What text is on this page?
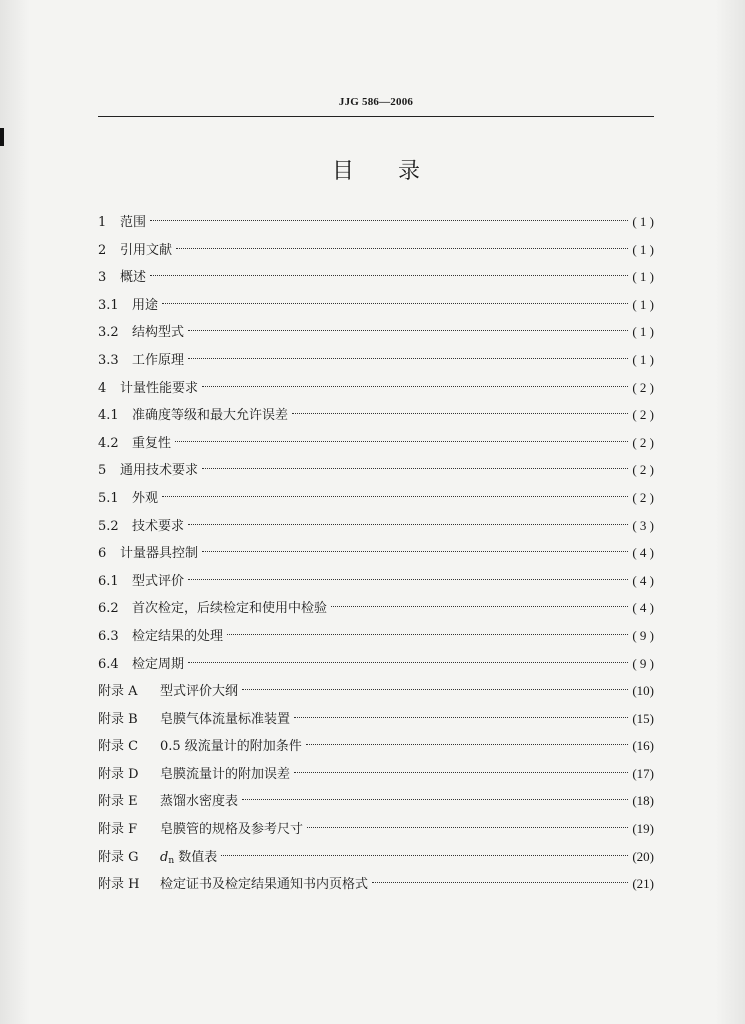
JJG 586—2006
目录
1	范围	( 1 )
2	引用文献	( 1 )
3	概述	( 1 )
3.1	用途	( 1 )
3.2	结构型式	( 1 )
3.3	工作原理	( 1 )
4	计量性能要求	( 2 )
4.1	准确度等级和最大允许误差	( 2 )
4.2	重复性	( 2 )
5	通用技术要求	( 2 )
5.1	外观	( 2 )
5.2	技术要求	( 3 )
6	计量器具控制	( 4 )
6.1	型式评价	( 4 )
6.2	首次检定，后续检定和使用中检验	( 4 )
6.3	检定结果的处理	( 9 )
6.4	检定周期	( 9 )
附录 A	型式评价大纲	(10)
附录 B	皂膜气体流量标准装置	(15)
附录 C	0.5 级流量计的附加条件	(16)
附录 D	皂膜流量计的附加误差	(17)
附录 E	蒸馏水密度表	(18)
附录 F	皂膜管的规格及参考尺寸	(19)
附录 G	$d_n$ 数值表	(20)
附录 H	检定证书及检定结果通知书内页格式	(21)
